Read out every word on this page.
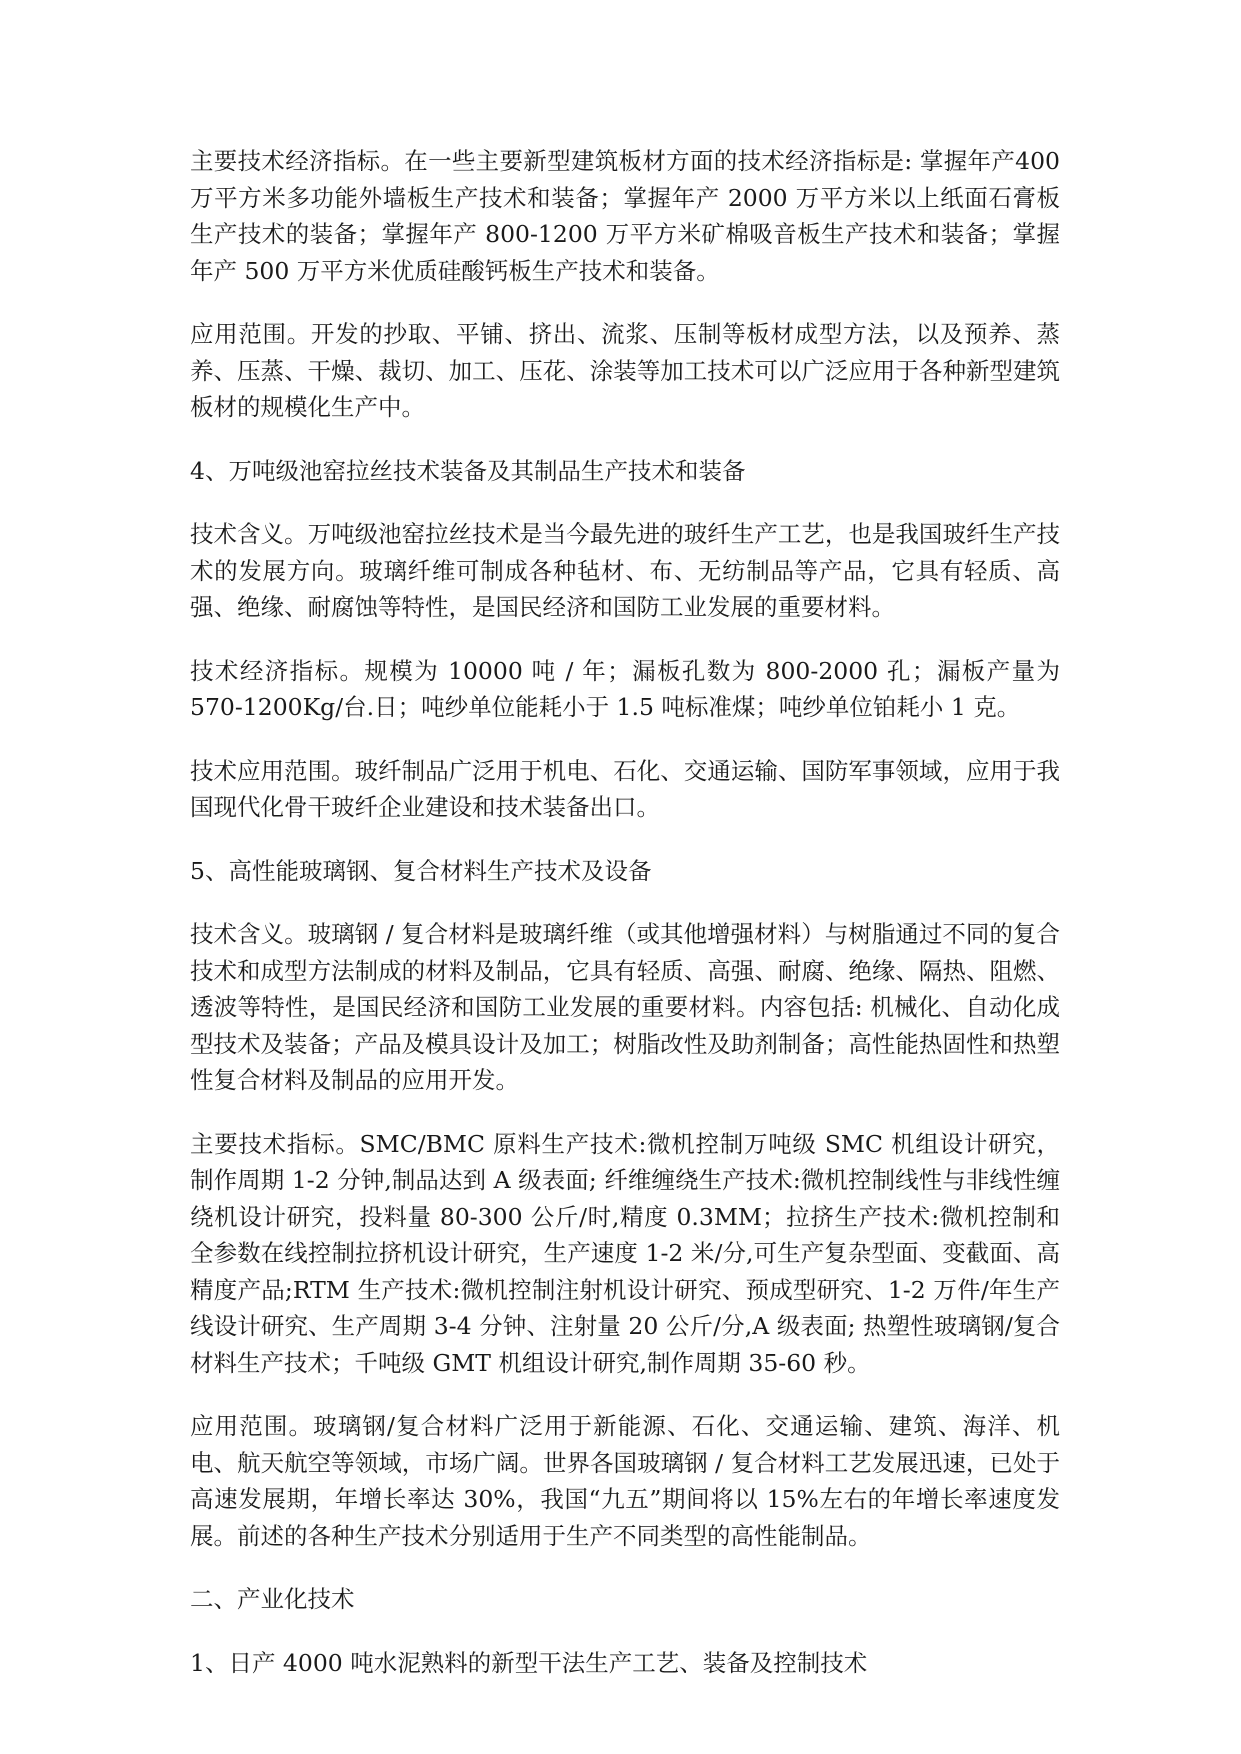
主要技术经济指标。在一些主要新型建筑板材方面的技术经济指标是: 掌握年产400 万平方米多功能外墙板生产技术和装备；掌握年产 2000 万平方米以上纸面石膏板生产技术的装备；掌握年产 800-1200 万平方米矿棉吸音板生产技术和装备；掌握年产 500 万平方米优质硅酸钙板生产技术和装备。

应用范围。开发的抄取、平铺、挤出、流浆、压制等板材成型方法，以及预养、蒸养、压蒸、干燥、裁切、加工、压花、涂装等加工技术可以广泛应用于各种新型建筑板材的规模化生产中。

4、万吨级池窑拉丝技术装备及其制品生产技术和装备

技术含义。万吨级池窑拉丝技术是当今最先进的玻纤生产工艺，也是我国玻纤生产技术的发展方向。玻璃纤维可制成各种毡材、布、无纺制品等产品，它具有轻质、高强、绝缘、耐腐蚀等特性，是国民经济和国防工业发展的重要材料。

技术经济指标。规模为 10000 吨 / 年；漏板孔数为 800-2000 孔；漏板产量为570-1200Kg/台.日；吨纱单位能耗小于 1.5 吨标准煤；吨纱单位铂耗小 1 克。

技术应用范围。玻纤制品广泛用于机电、石化、交通运输、国防军事领域，应用于我国现代化骨干玻纤企业建设和技术装备出口。

5、高性能玻璃钢、复合材料生产技术及设备

技术含义。玻璃钢 / 复合材料是玻璃纤维（或其他增强材料）与树脂通过不同的复合技术和成型方法制成的材料及制品，它具有轻质、高强、耐腐、绝缘、隔热、阻燃、透波等特性，是国民经济和国防工业发展的重要材料。内容包括: 机械化、自动化成型技术及装备；产品及模具设计及加工；树脂改性及助剂制备；高性能热固性和热塑性复合材料及制品的应用开发。

主要技术指标。SMC/BMC 原料生产技术:微机控制万吨级 SMC 机组设计研究，制作周期 1-2 分钟,制品达到 A 级表面; 纤维缠绕生产技术:微机控制线性与非线性缠绕机设计研究，投料量 80-300 公斤/时,精度 0.3MM；拉挤生产技术:微机控制和全参数在线控制拉挤机设计研究，生产速度 1-2 米/分,可生产复杂型面、变截面、高精度产品;RTM 生产技术:微机控制注射机设计研究、预成型研究、1-2 万件/年生产线设计研究、生产周期 3-4 分钟、注射量 20 公斤/分,A 级表面; 热塑性玻璃钢/复合材料生产技术；千吨级 GMT 机组设计研究,制作周期 35-60 秒。

应用范围。玻璃钢/复合材料广泛用于新能源、石化、交通运输、建筑、海洋、机电、航天航空等领域，市场广阔。世界各国玻璃钢 / 复合材料工艺发展迅速，已处于高速发展期，年增长率达 30%，我国“九五”期间将以 15%左右的年增长率速度发展。前述的各种生产技术分别适用于生产不同类型的高性能制品。

二、产业化技术

1、日产 4000 吨水泥熟料的新型干法生产工艺、装备及控制技术
